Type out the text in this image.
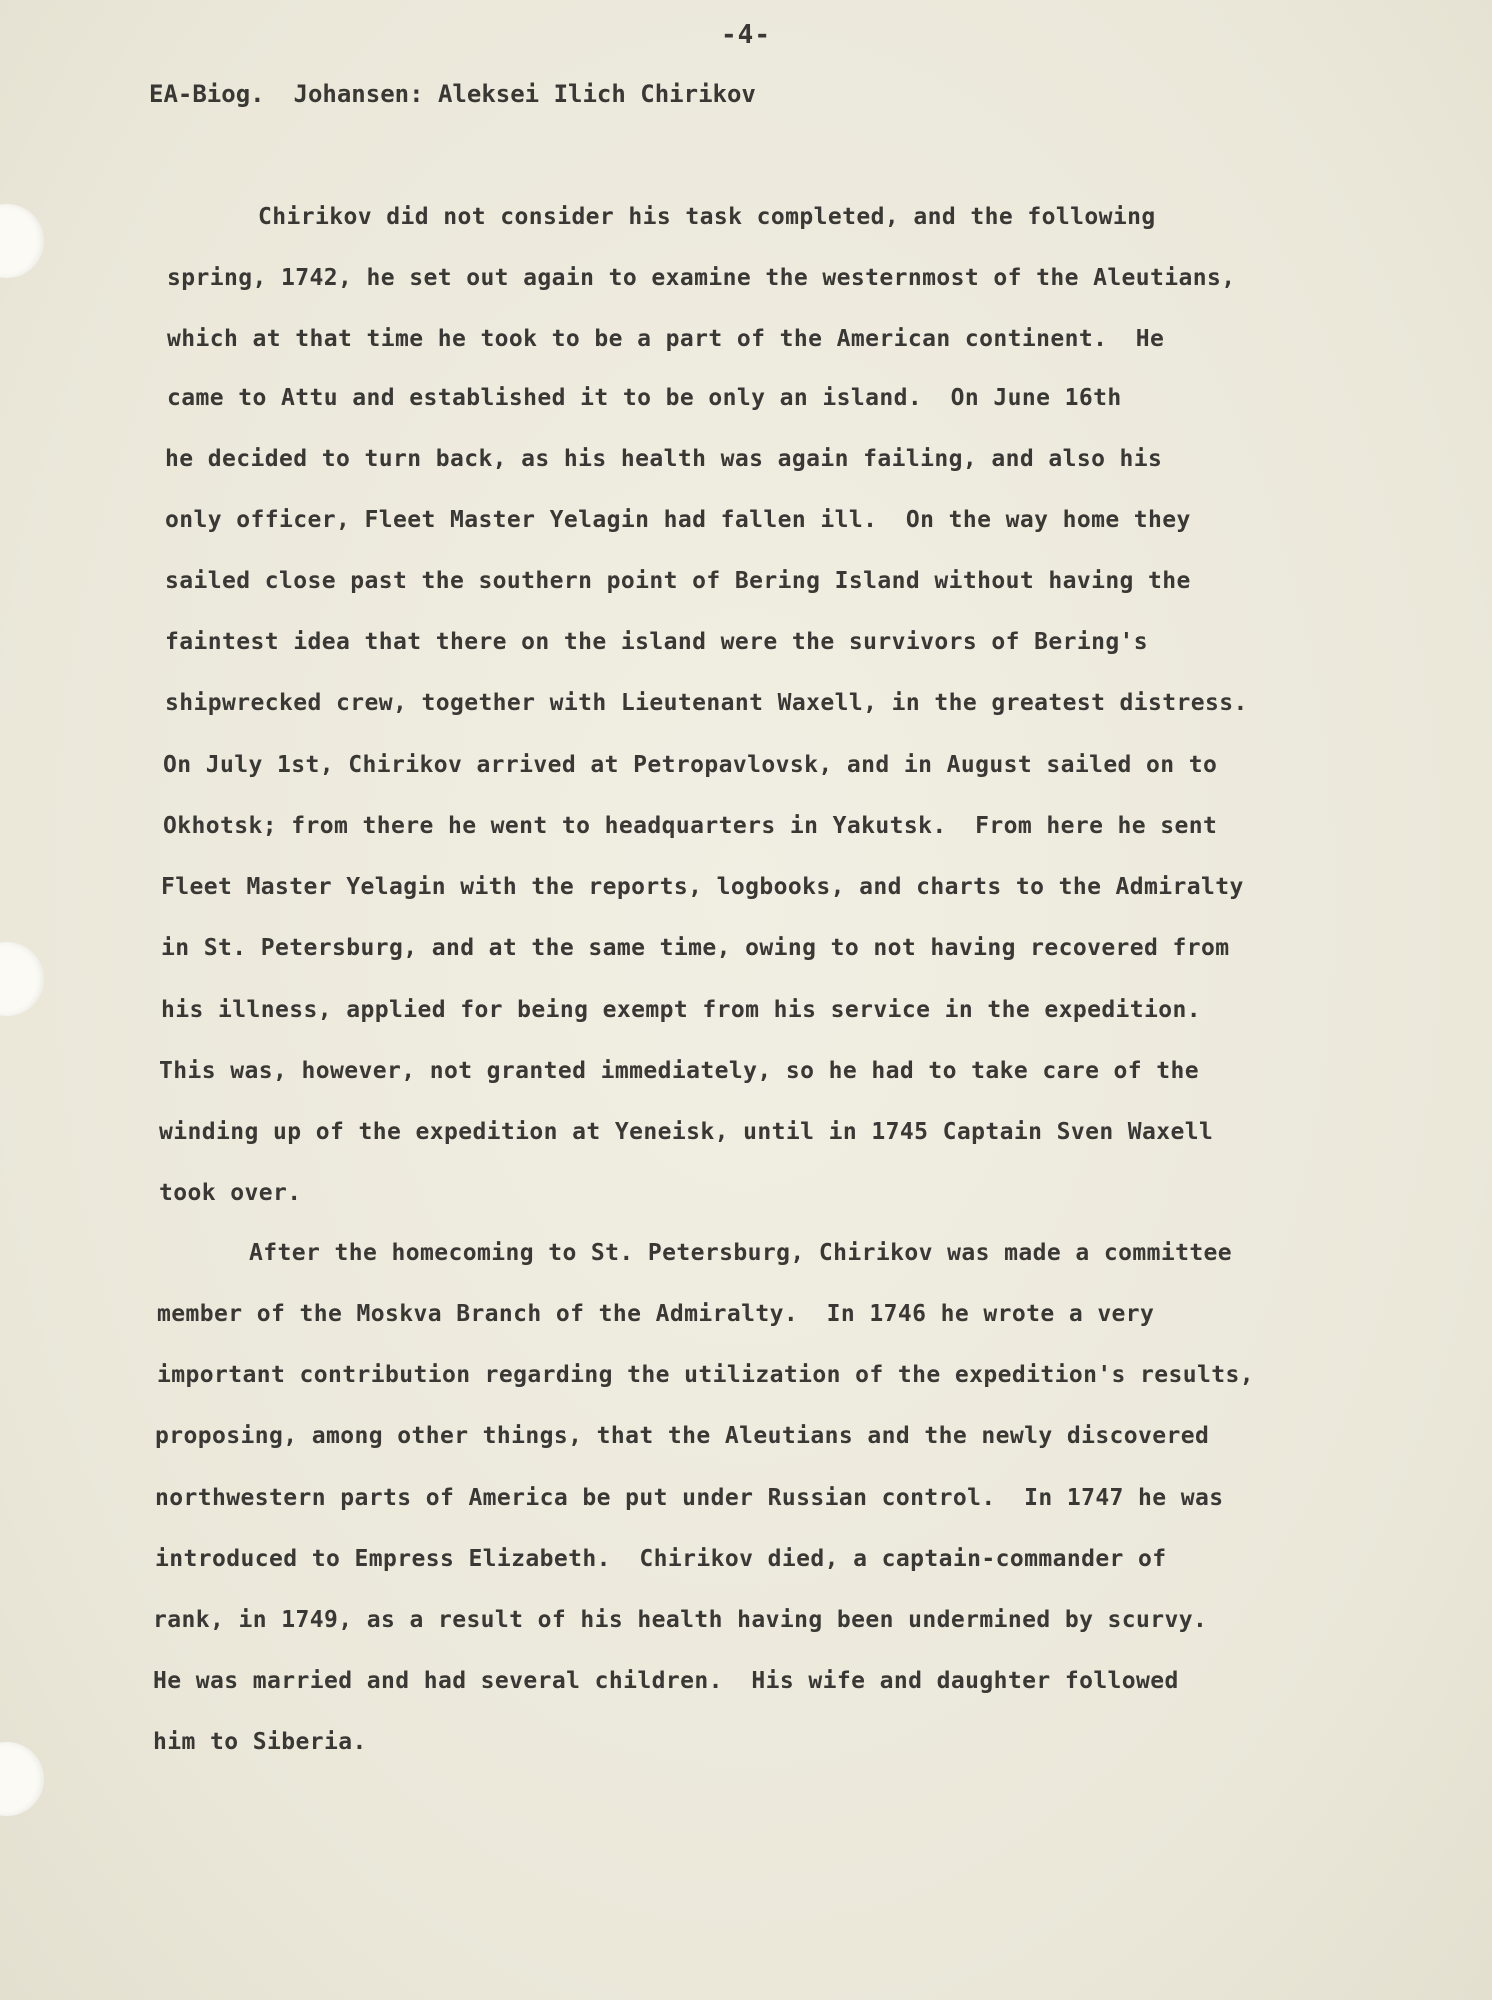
-4-
EA-Biog.  Johansen: Aleksei Ilich Chirikov
Chirikov did not consider his task completed, and the following
spring, 1742, he set out again to examine the westernmost of the Aleutians,
which at that time he took to be a part of the American continent.  He
came to Attu and established it to be only an island.  On June 16th
he decided to turn back, as his health was again failing, and also his
only officer, Fleet Master Yelagin had fallen ill.  On the way home they
sailed close past the southern point of Bering Island without having the
faintest idea that there on the island were the survivors of Bering's
shipwrecked crew, together with Lieutenant Waxell, in the greatest distress.
On July 1st, Chirikov arrived at Petropavlovsk, and in August sailed on to
Okhotsk; from there he went to headquarters in Yakutsk.  From here he sent
Fleet Master Yelagin with the reports, logbooks, and charts to the Admiralty
in St. Petersburg, and at the same time, owing to not having recovered from
his illness, applied for being exempt from his service in the expedition.
This was, however, not granted immediately, so he had to take care of the
winding up of the expedition at Yeneisk, until in 1745 Captain Sven Waxell
took over.
After the homecoming to St. Petersburg, Chirikov was made a committee
member of the Moskva Branch of the Admiralty.  In 1746 he wrote a very
important contribution regarding the utilization of the expedition's results,
proposing, among other things, that the Aleutians and the newly discovered
northwestern parts of America be put under Russian control.  In 1747 he was
introduced to Empress Elizabeth.  Chirikov died, a captain-commander of
rank, in 1749, as a result of his health having been undermined by scurvy.
He was married and had several children.  His wife and daughter followed
him to Siberia.
